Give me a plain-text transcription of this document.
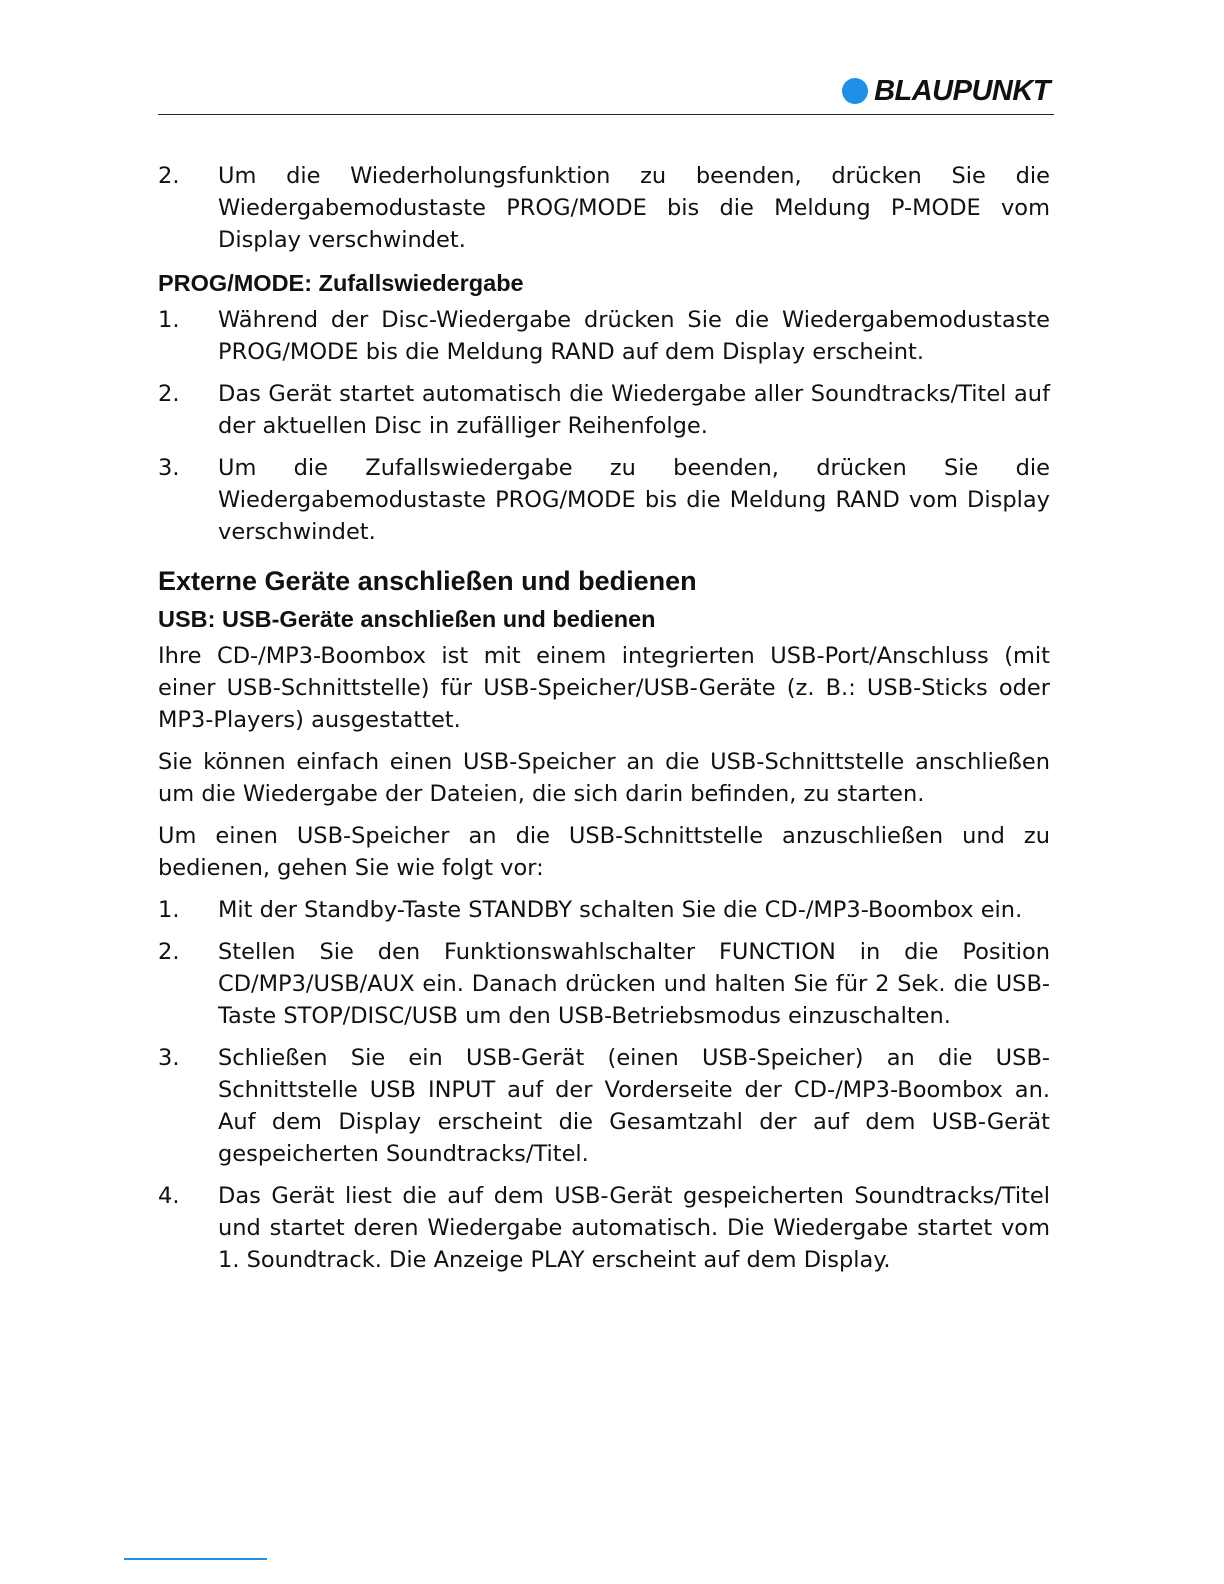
BLAUPUNKT
2.	Um die Wiederholungsfunktion zu beenden, drücken Sie die Wiedergabemodustaste PROG/MODE bis die Meldung P-MODE vom Display verschwindet.
PROG/MODE: Zufallswiedergabe
1.	Während der Disc-Wiedergabe drücken Sie die Wiedergabemodustaste PROG/MODE bis die Meldung RAND auf dem Display erscheint.
2.	Das Gerät startet automatisch die Wiedergabe aller Soundtracks/Titel auf der aktuellen Disc in zufälliger Reihenfolge.
3.	Um die Zufallswiedergabe zu beenden, drücken Sie die Wiedergabemodustaste PROG/MODE bis die Meldung RAND vom Display verschwindet.
Externe Geräte anschließen und bedienen
USB: USB-Geräte anschließen und bedienen

Ihre CD-/MP3-Boombox ist mit einem integrierten USB-Port/Anschluss (mit einer USB-Schnittstelle) für USB-Speicher/USB-Geräte (z. B.: USB-Sticks oder MP3-Players) ausgestattet.

Sie können einfach einen USB-Speicher an die USB-Schnittstelle anschließen um die Wiedergabe der Dateien, die sich darin befinden, zu starten.

Um einen USB-Speicher an die USB-Schnittstelle anzuschließen und zu bedienen, gehen Sie wie folgt vor:

1.	Mit der Standby-Taste STANDBY schalten Sie die CD-/MP3-Boombox ein.
2.	Stellen Sie den Funktionswahlschalter FUNCTION in die Position CD/MP3/USB/AUX ein. Danach drücken und halten Sie für 2 Sek. die USB-Taste STOP/DISC/USB um den USB-Betriebsmodus einzuschalten.
3.	Schließen Sie ein USB-Gerät (einen USB-Speicher) an die USB-Schnittstelle USB INPUT auf der Vorderseite der CD-/MP3-Boombox an. Auf dem Display erscheint die Gesamtzahl der auf dem USB-Gerät gespeicherten Soundtracks/Titel.
4.	Das Gerät liest die auf dem USB-Gerät gespeicherten Soundtracks/Titel und startet deren Wiedergabe automatisch. Die Wiedergabe startet vom 1. Soundtrack. Die Anzeige PLAY erscheint auf dem Display.
